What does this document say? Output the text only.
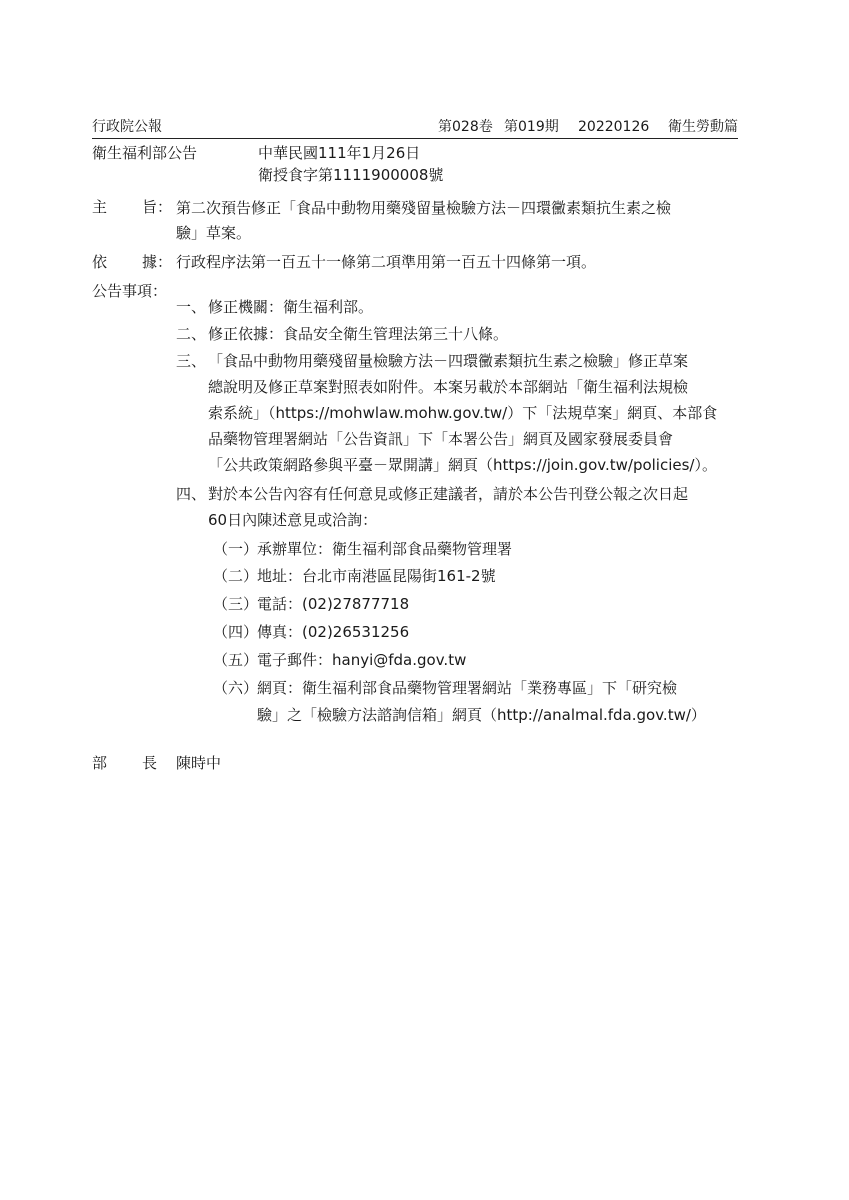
行政院公報	第028卷 第019期 20220126 衛生勞動篇
衛生福利部公告	中華民國111年1月26日
衛授食字第1111900008號
主 旨： 第二次預告修正「食品中動物用藥殘留量檢驗方法－四環黴素類抗生素之檢
驗」草案。
依 據： 行政程序法第一百五十一條第二項準用第一百五十四條第一項。
公告事項：
一、 修正機關：衛生福利部。
二、 修正依據：食品安全衛生管理法第三十八條。
三、 「食品中動物用藥殘留量檢驗方法－四環黴素類抗生素之檢驗」修正草案
總說明及修正草案對照表如附件。本案另載於本部網站「衛生福利法規檢
索系統」（https://mohwlaw.mohw.gov.tw/）下「法規草案」網頁、本部食
品藥物管理署網站「公告資訊」下「本署公告」網頁及國家發展委員會
「公共政策網路參與平臺－眾開講」網頁（https://join.gov.tw/policies/）。
四、 對於本公告內容有任何意見或修正建議者，請於本公告刊登公報之次日起
60日內陳述意見或洽詢：
（一）
承辦單位：衛生福利部食品藥物管理署
（二）
地址：台北市南港區昆陽街161-2號
（三）
電話：(02)27877718
（四）
傳真：(02)26531256
（五）
電子郵件：hanyi@fda.gov.tw
（六）
網頁：衛生福利部食品藥物管理署網站「業務專區」下「研究檢
驗」之「檢驗方法諮詢信箱」網頁（http://analmal.fda.gov.tw/）
部 長 陳時中
